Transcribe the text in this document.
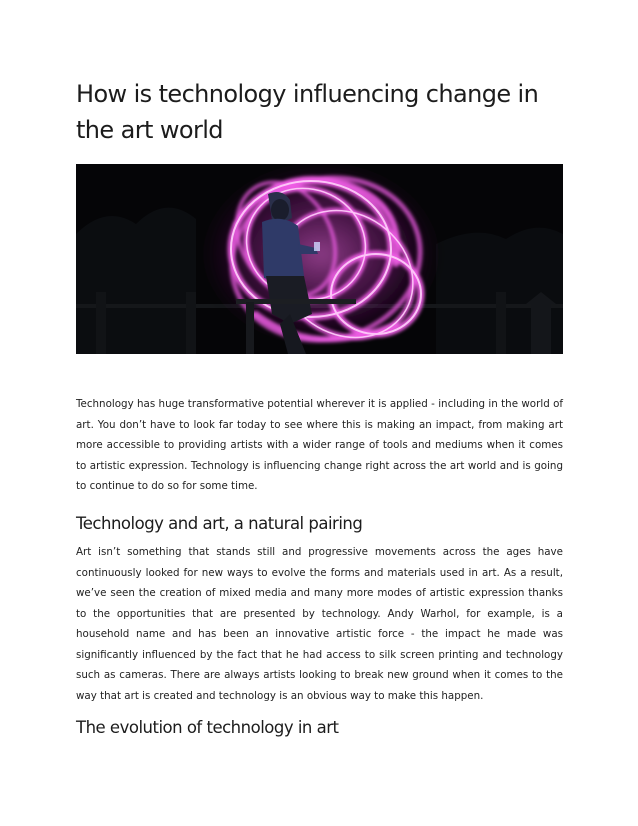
How is technology influencing change in the art world

Technology has huge transformative potential wherever it is applied - including in the world of art. You don’t have to look far today to see where this is making an impact, from making art more accessible to providing artists with a wider range of tools and mediums when it comes to artistic expression. Technology is influencing change right across the art world and is going to continue to do so for some time.

Technology and art, a natural pairing

Art isn’t something that stands still and progressive movements across the ages have continuously looked for new ways to evolve the forms and materials used in art. As a result, we’ve seen the creation of mixed media and many more modes of artistic expression thanks to the opportunities that are presented by technology. Andy Warhol, for example, is a household name and has been an innovative artistic force - the impact he made was significantly influenced by the fact that he had access to silk screen printing and technology such as cameras. There are always artists looking to break new ground when it comes to the way that art is created and technology is an obvious way to make this happen.

The evolution of technology in art
